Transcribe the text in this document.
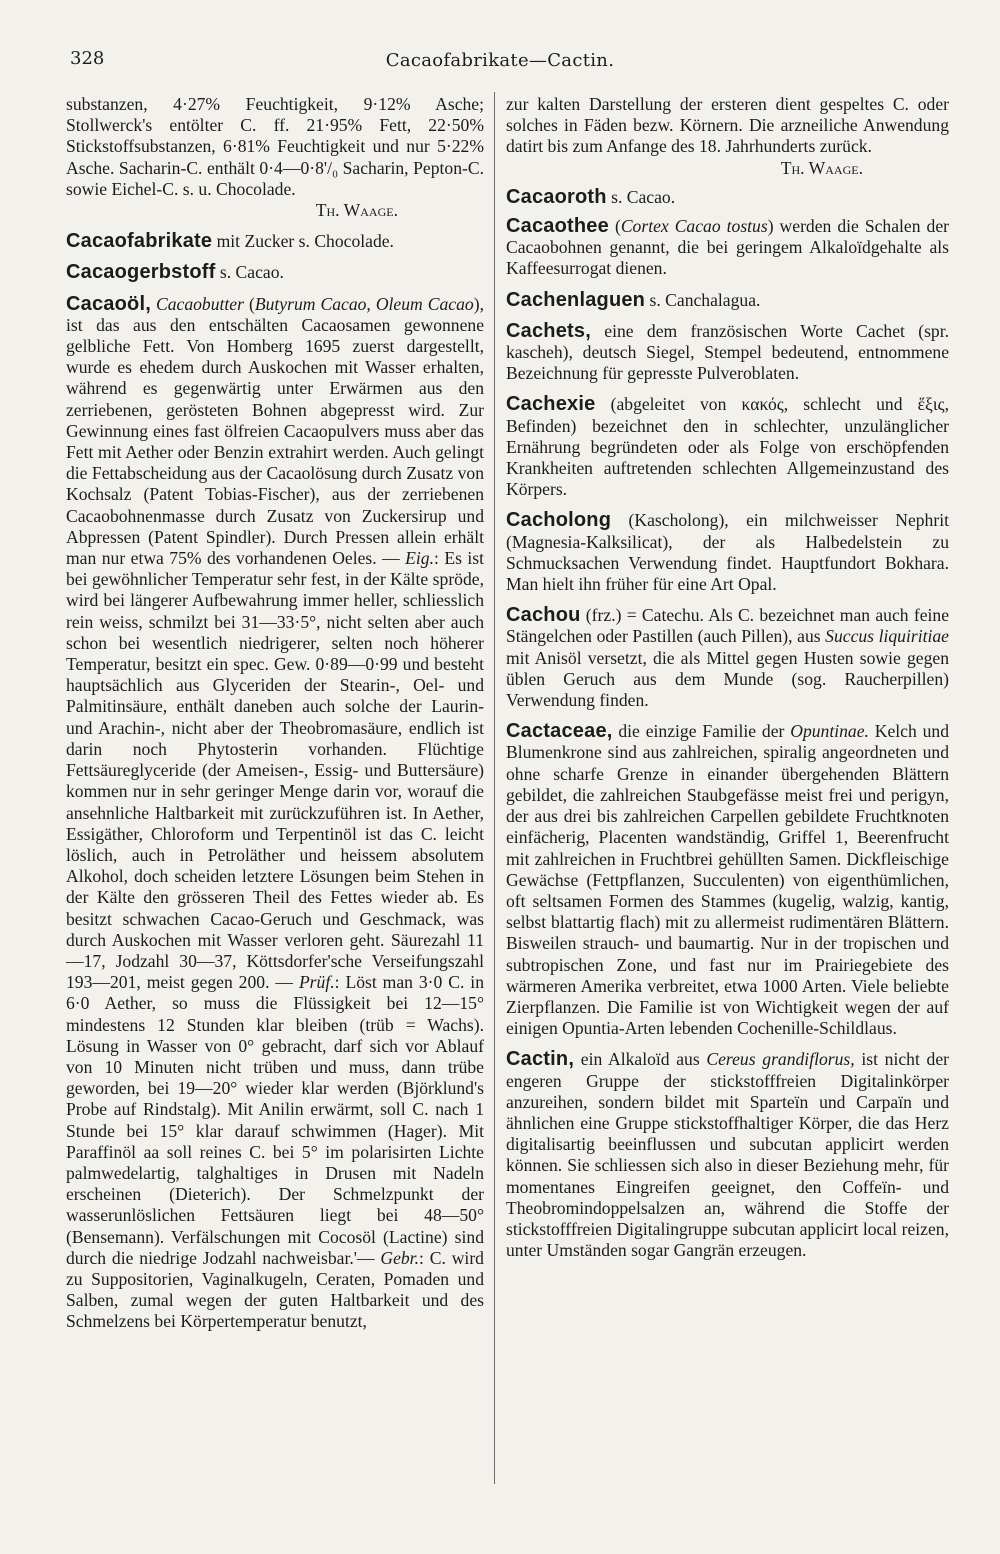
328	Cacaofabrikate—Cactin.
substanzen, 4·27% Feuchtigkeit, 9·12% Asche; Stollwerck's entölter C. ff. 21·95% Fett, 22·50% Stickstoffsubstanzen, 6·81% Feuchtigkeit und nur 5·22% Asche. Sacharin-C. enthält 0·4—0·8'/₀ Sacharin, Pepton-C. sowie Eichel-C. s. u. Chocolade.
Th. Waage.
Cacaofabrikate mit Zucker s. Chocolade.
Cacaogerbstoff s. Cacao.
Cacaoöl, Cacaobutter (Butyrum Cacao, Oleum Cacao), ist das aus den entschälten Cacaosamen gewonnene gelbliche Fett. Von Homberg 1695 zuerst dargestellt, wurde es ehedem durch Auskochen mit Wasser erhalten, während es gegenwärtig unter Erwärmen aus den zerriebenen, gerösteten Bohnen abgepresst wird. Zur Gewinnung eines fast ölfreien Cacaopulvers muss aber das Fett mit Aether oder Benzin extrahirt werden. Auch gelingt die Fettabscheidung aus der Cacaolösung durch Zusatz von Kochsalz (Patent Tobias-Fischer), aus der zerriebenen Cacaobohnenmasse durch Zusatz von Zuckersirup und Abpressen (Patent Spindler). Durch Pressen allein erhält man nur etwa 75% des vorhandenen Oeles. — Eig.: Es ist bei gewöhnlicher Temperatur sehr fest, in der Kälte spröde, wird bei längerer Aufbewahrung immer heller, schliesslich rein weiss, schmilzt bei 31—33·5°, nicht selten aber auch schon bei wesentlich niedrigerer, selten noch höherer Temperatur, besitzt ein spec. Gew. 0·89—0·99 und besteht hauptsächlich aus Glyceriden der Stearin-, Oel- und Palmitinsäure, enthält daneben auch solche der Laurin- und Arachin-, nicht aber der Theobromasäure, endlich ist darin noch Phytosterin vorhanden. Flüchtige Fettsäureglyceride (der Ameisen-, Essig- und Buttersäure) kommen nur in sehr geringer Menge darin vor, worauf die ansehnliche Haltbarkeit mit zurückzuführen ist. In Aether, Essigäther, Chloroform und Terpentinöl ist das C. leicht löslich, auch in Petroläther und heissem absolutem Alkohol, doch scheiden letztere Lösungen beim Stehen in der Kälte den grösseren Theil des Fettes wieder ab. Es besitzt schwachen Cacao-Geruch und Geschmack, was durch Auskochen mit Wasser verloren geht. Säurezahl 11—17, Jodzahl 30—37, Köttsdorfer'sche Verseifungszahl 193—201, meist gegen 200. — Prüf.: Löst man 3·0 C. in 6·0 Aether, so muss die Flüssigkeit bei 12—15° mindestens 12 Stunden klar bleiben (trüb = Wachs). Lösung in Wasser von 0° gebracht, darf sich vor Ablauf von 10 Minuten nicht trüben und muss, dann trübe geworden, bei 19—20° wieder klar werden (Björklund's Probe auf Rindstalg). Mit Anilin erwärmt, soll C. nach 1 Stunde bei 15° klar darauf schwimmen (Hager). Mit Paraffinöl aa soll reines C. bei 5° im polarisirten Lichte palmwedelartig, talghaltiges in Drusen mit Nadeln erscheinen (Dieterich). Der Schmelzpunkt der wasserunlöslichen Fettsäuren liegt bei 48—50° (Bensemann). Verfälschungen mit Cocosöl (Lactine) sind durch die niedrige Jodzahl nachweisbar.'— Gebr.: C. wird zu Suppositorien, Vaginalkugeln, Ceraten, Pomaden und Salben, zumal wegen der guten Haltbarkeit und des Schmelzens bei Körpertemperatur benutzt,
zur kalten Darstellung der ersteren dient gespeltes C. oder solches in Fäden bezw. Körnern. Die arzneiliche Anwendung datirt bis zum Anfange des 18. Jahrhunderts zurück.
Th. Waage.
Cacaoroth s. Cacao.
Cacaothee (Cortex Cacao tostus) werden die Schalen der Cacaobohnen genannt, die bei geringem Alkaloïdgehalte als Kaffeesurrogat dienen.
Cachenlaguen s. Canchalagua.
Cachets, eine dem französischen Worte Cachet (spr. kascheh), deutsch Siegel, Stempel bedeutend, entnommene Bezeichnung für gepresste Pulveroblaten.
Cachexie (abgeleitet von κακός, schlecht und ἕξις, Befinden) bezeichnet den in schlechter, unzulänglicher Ernährung begründeten oder als Folge von erschöpfenden Krankheiten auftretenden schlechten Allgemeinzustand des Körpers.
Cacholong (Kascholong), ein milchweisser Nephrit (Magnesia-Kalksilicat), der als Halbedelstein zu Schmucksachen Verwendung findet. Hauptfundort Bokhara. Man hielt ihn früher für eine Art Opal.
Cachou (frz.) = Catechu. Als C. bezeichnet man auch feine Stängelchen oder Pastillen (auch Pillen), aus Succus liquiritiae mit Anisöl versetzt, die als Mittel gegen Husten sowie gegen üblen Geruch aus dem Munde (sog. Raucherpillen) Verwendung finden.
Cactaceae, die einzige Familie der Opuntinae. Kelch und Blumenkrone sind aus zahlreichen, spiralig angeordneten und ohne scharfe Grenze in einander übergehenden Blättern gebildet, die zahlreichen Staubgefässe meist frei und perigyn, der aus drei bis zahlreichen Carpellen gebildete Fruchtknoten einfächerig, Placenten wandständig, Griffel 1, Beerenfrucht mit zahlreichen in Fruchtbrei gehüllten Samen. Dickfleischige Gewächse (Fettpflanzen, Succulenten) von eigenthümlichen, oft seltsamen Formen des Stammes (kugelig, walzig, kantig, selbst blattartig flach) mit zu allermeist rudimentären Blättern. Bisweilen strauch- und baumartig. Nur in der tropischen und subtropischen Zone, und fast nur im Prairiegebiete des wärmeren Amerika verbreitet, etwa 1000 Arten. Viele beliebte Zierpflanzen. Die Familie ist von Wichtigkeit wegen der auf einigen Opuntia-Arten lebenden Cochenille-Schildlaus.
Cactin, ein Alkaloïd aus Cereus grandiflorus, ist nicht der engeren Gruppe der stickstofffreien Digitalinkörper anzureihen, sondern bildet mit Sparteïn und Carpaïn und ähnlichen eine Gruppe stickstoffhaltiger Körper, die das Herz digitalisartig beeinflussen und subcutan applicirt werden können. Sie schliessen sich also in dieser Beziehung mehr, für momentanes Eingreifen geeignet, den Coffeïn- und Theobromindoppelsalzen an, während die Stoffe der stickstofffreien Digitalingruppe subcutan applicirt local reizen, unter Umständen sogar Gangrän erzeugen.
